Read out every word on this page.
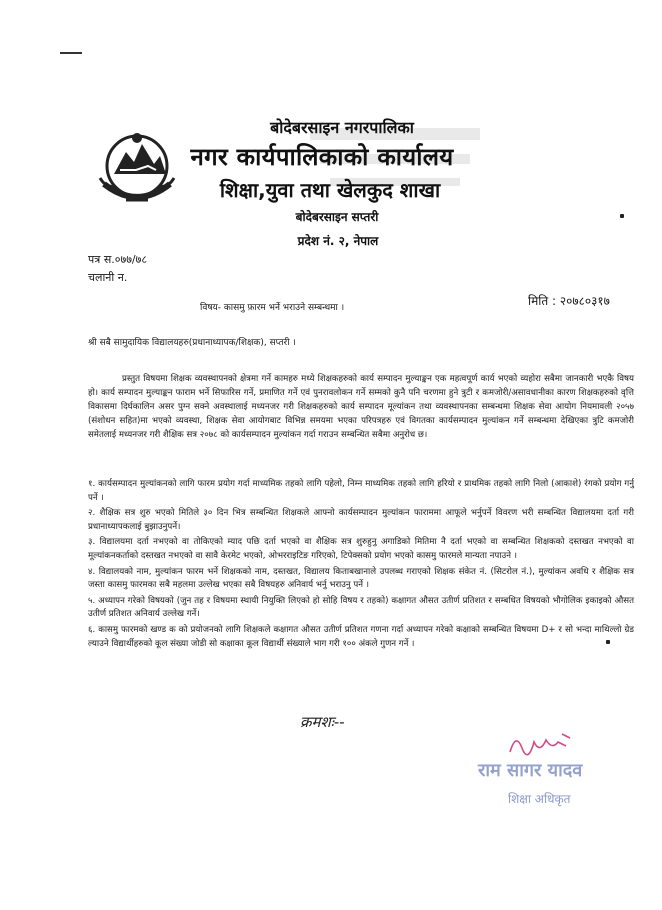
बोदेबरसाइन नगरपालिका
नगर कार्यपालिकाको कार्यालय
शिक्षा,युवा तथा खेलकुद शाखा
बोदेबरसाइन सप्तरी
प्रदेश नं. २, नेपाल
पत्र स.०७७/७८
चलानी न.
मिति : २०७८०३१७
विषय- कासमु फ़ारम भर्ने भराउने सम्बन्धमा ।
श्री सबै सामुदायिक विद्यालयहरु(प्रधानाध्यापक/शिक्षक), सप्तरी ।
प्रस्तुत विषयमा शिक्षक व्यवस्थापनको क्षेत्रमा गर्ने कामहरु मध्ये शिक्षकहरुको कार्य सम्पादन मुल्याङ्कन एक महत्वपूर्ण कार्य भएको व्यहोरा सबैमा जानकारी भएकै विषय हो। कार्य सम्पादन मुल्याङ्कन फाराम भर्ने सिफारिस गर्ने, प्रमाणित गर्ने एवं पुनरावलोकन गर्ने सम्मको कुनै पनि चरणमा हुने त्रुटी र कमजोरी/असावधानीका कारण शिक्षकहरुको वृत्ति विकासमा दिर्घकालिन असर पुग्न सक्ने अवस्थालाई मध्यनजर गरी शिक्षकहरुको कार्य सम्पादन मूल्यांकन तथा व्यवस्थापनका सम्बन्धमा शिक्षक सेवा आयोग नियमावली २०५७ (संशोधन सहित)मा भएको व्यवस्था, शिक्षक सेवा आयोगबाट विभिन्न समयमा भएका परिपत्रहरु एवं विगतका कार्यसम्पादन मुल्यांकन गर्ने सम्बन्धमा देखिएका त्रुटि कमजोरी समेतलाई मध्यनजर गरी शैक्षिक सत्र २०७८ को कार्यसम्पादन मुल्यांकन गर्दा गराउन सम्बन्धित सबैमा अनुरोध छ।
१. कार्यसम्पादन मुल्यांकनको लागि फारम प्रयोग गर्दा माध्यमिक तहको लागि पहेलो, निम्न माध्यमिक तहको लागि हरियो र प्राथमिक तहको लागि निलो (आकाशे) रंगको प्रयोग गर्नु पर्ने ।
२. शैक्षिक सत्र शुरु भएको मितिले ३० दिन भित्र सम्बन्धित शिक्षकले आफ्नो कार्यसम्पादन मुल्यांकन फाराममा आफूले भर्नुपर्ने विवरण भरी सम्बन्धित विद्यालयमा दर्ता गरी प्रधानाध्यापकलाई बुझाउनुपर्ने।
३. विद्यालयमा दर्ता नभएको वा तोकिएको म्याद पछि दर्ता भएको वा शैक्षिक सत्र शुरुहुनु अगाडिको मितिमा नै दर्ता भएको वा सम्बन्धित शिक्षकको दस्तखत नभएको वा मूल्यांकनकर्ताको दस्तखत नभएको वा सावै केरमेट भएको, ओभरराइटिङ गरिएको, टिपेक्सको प्रयोग भएको कासमु फारमले मान्यता नपाउने ।
४. विद्यालयको नाम, मुल्यांकन फारम भर्ने शिक्षकको नाम, दस्तखत, विद्यालय किताबखानाले उपलब्ध गराएको शिक्षक संकेत नं. (सिटरोल नं.), मुल्यांकन अवधि र शैक्षिक सत्र जस्ता कासमु फारमका सबै महलमा उल्लेख भएका सबै विषयहरु अनिवार्य भर्नु भराउनु पर्ने ।
५. अध्यापन गरेको विषयको (जुन तह र विषयमा स्थायी नियुक्ति लिएको हो सोहि विषय र तहको) कक्षागत औसत उतीर्ण प्रतिशत र सम्बधित विषयको भौगोलिक इकाइको औसत उतीर्ण प्रतिशत अनिवार्य उल्लेख गर्ने।
६. कासमु फारमको खण्ड क को प्रयोजनको लागि शिक्षकले कक्षागत औसत उतीर्ण प्रतिशत गणना गर्दा अध्यापन गरेको कक्षाको सम्बन्धित विषयमा D+ र सो भन्दा माथिल्लो ग्रेड ल्याउने विद्यार्थीहरुको कूल संख्या जोडी सो कक्षाका कूल विद्यार्थी संख्याले भाग गरी १०० अंकले गुणन गर्ने ।
क्रमशः--
राम सागर यादव
शिक्षा अधिकृत
